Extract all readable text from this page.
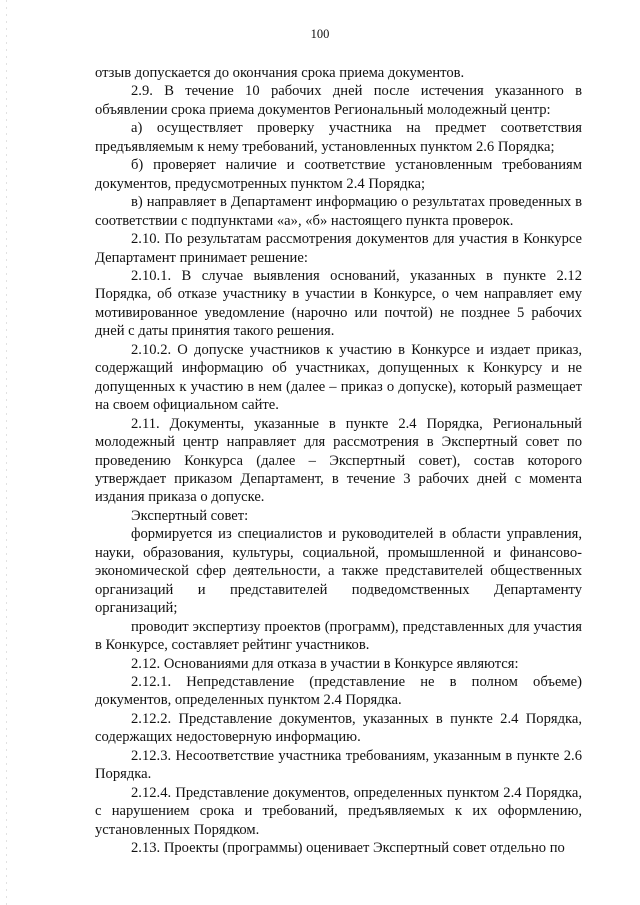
100

отзыв допускается до окончания срока приема документов.

2.9. В течение 10 рабочих дней после истечения указанного в объявлении срока приема документов Региональный молодежный центр:

а) осуществляет проверку участника на предмет соответствия предъявляемым к нему требований, установленных пунктом 2.6 Порядка;

б) проверяет наличие и соответствие установленным требованиям документов, предусмотренных пунктом 2.4 Порядка;

в) направляет в Департамент информацию о результатах проведенных в соответствии с подпунктами «а», «б» настоящего пункта проверок.

2.10. По результатам рассмотрения документов для участия в Конкурсе Департамент принимает решение:

2.10.1. В случае выявления оснований, указанных в пункте 2.12 Порядка, об отказе участнику в участии в Конкурсе, о чем направляет ему мотивированное уведомление (нарочно или почтой) не позднее 5 рабочих дней с даты принятия такого решения.

2.10.2. О допуске участников к участию в Конкурсе и издает приказ, содержащий информацию об участниках, допущенных к Конкурсу и не допущенных к участию в нем (далее – приказ о допуске), который размещает на своем официальном сайте.

2.11. Документы, указанные в пункте 2.4 Порядка, Региональный молодежный центр направляет для рассмотрения в Экспертный совет по проведению Конкурса (далее – Экспертный совет), состав которого утверждает приказом Департамент, в течение 3 рабочих дней с момента издания приказа о допуске.

Экспертный совет:

формируется из специалистов и руководителей в области управления, науки, образования, культуры, социальной, промышленной и финансово-экономической сфер деятельности, а также представителей общественных организаций и представителей подведомственных Департаменту организаций;

проводит экспертизу проектов (программ), представленных для участия в Конкурсе, составляет рейтинг участников.

2.12. Основаниями для отказа в участии в Конкурсе являются:

2.12.1. Непредставление (представление не в полном объеме) документов, определенных пунктом 2.4 Порядка.

2.12.2. Представление документов, указанных в пункте 2.4 Порядка, содержащих недостоверную информацию.

2.12.3. Несоответствие участника требованиям, указанным в пункте 2.6 Порядка.

2.12.4. Представление документов, определенных пунктом 2.4 Порядка, с нарушением срока и требований, предъявляемых к их оформлению, установленных Порядком.

2.13. Проекты (программы) оценивает Экспертный совет отдельно по
